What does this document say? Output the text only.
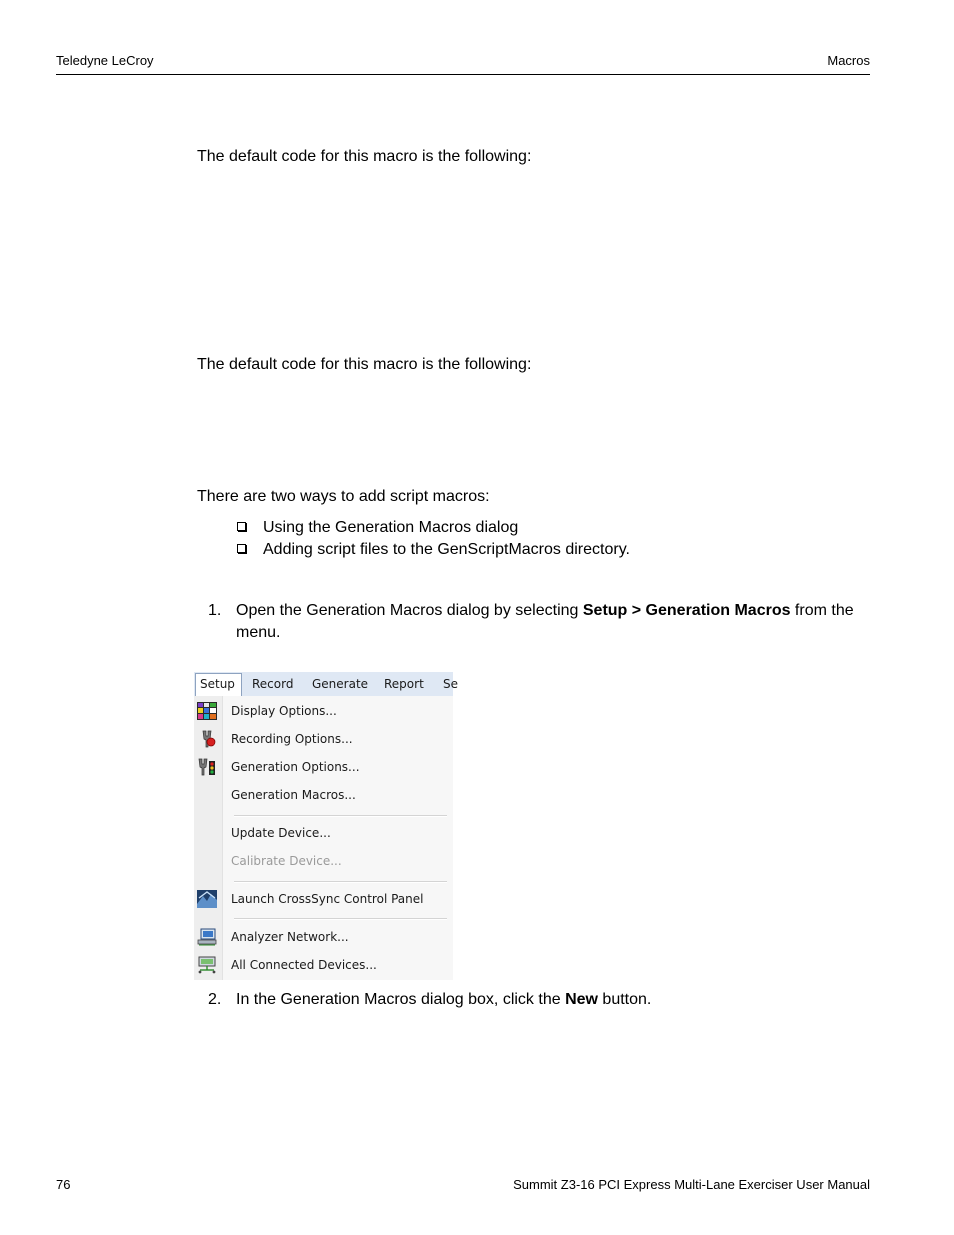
Teledyne LeCroy	Macros
The default code for this macro is the following:
The default code for this macro is the following:
There are two ways to add script macros:
Using the Generation Macros dialog
Adding script files to the GenScriptMacros directory.
1. Open the Generation Macros dialog by selecting Setup > Generation Macros from the menu.
Setup	Record Generate Report Se
Display Options...
Recording Options...
Generation Options...
Generation Macros...
Update Device...
Calibrate Device...
Launch CrossSync Control Panel
Analyzer Network...
All Connected Devices...
2. In the Generation Macros dialog box, click the New button.
76	Summit Z3-16 PCI Express Multi-Lane Exerciser User Manual
